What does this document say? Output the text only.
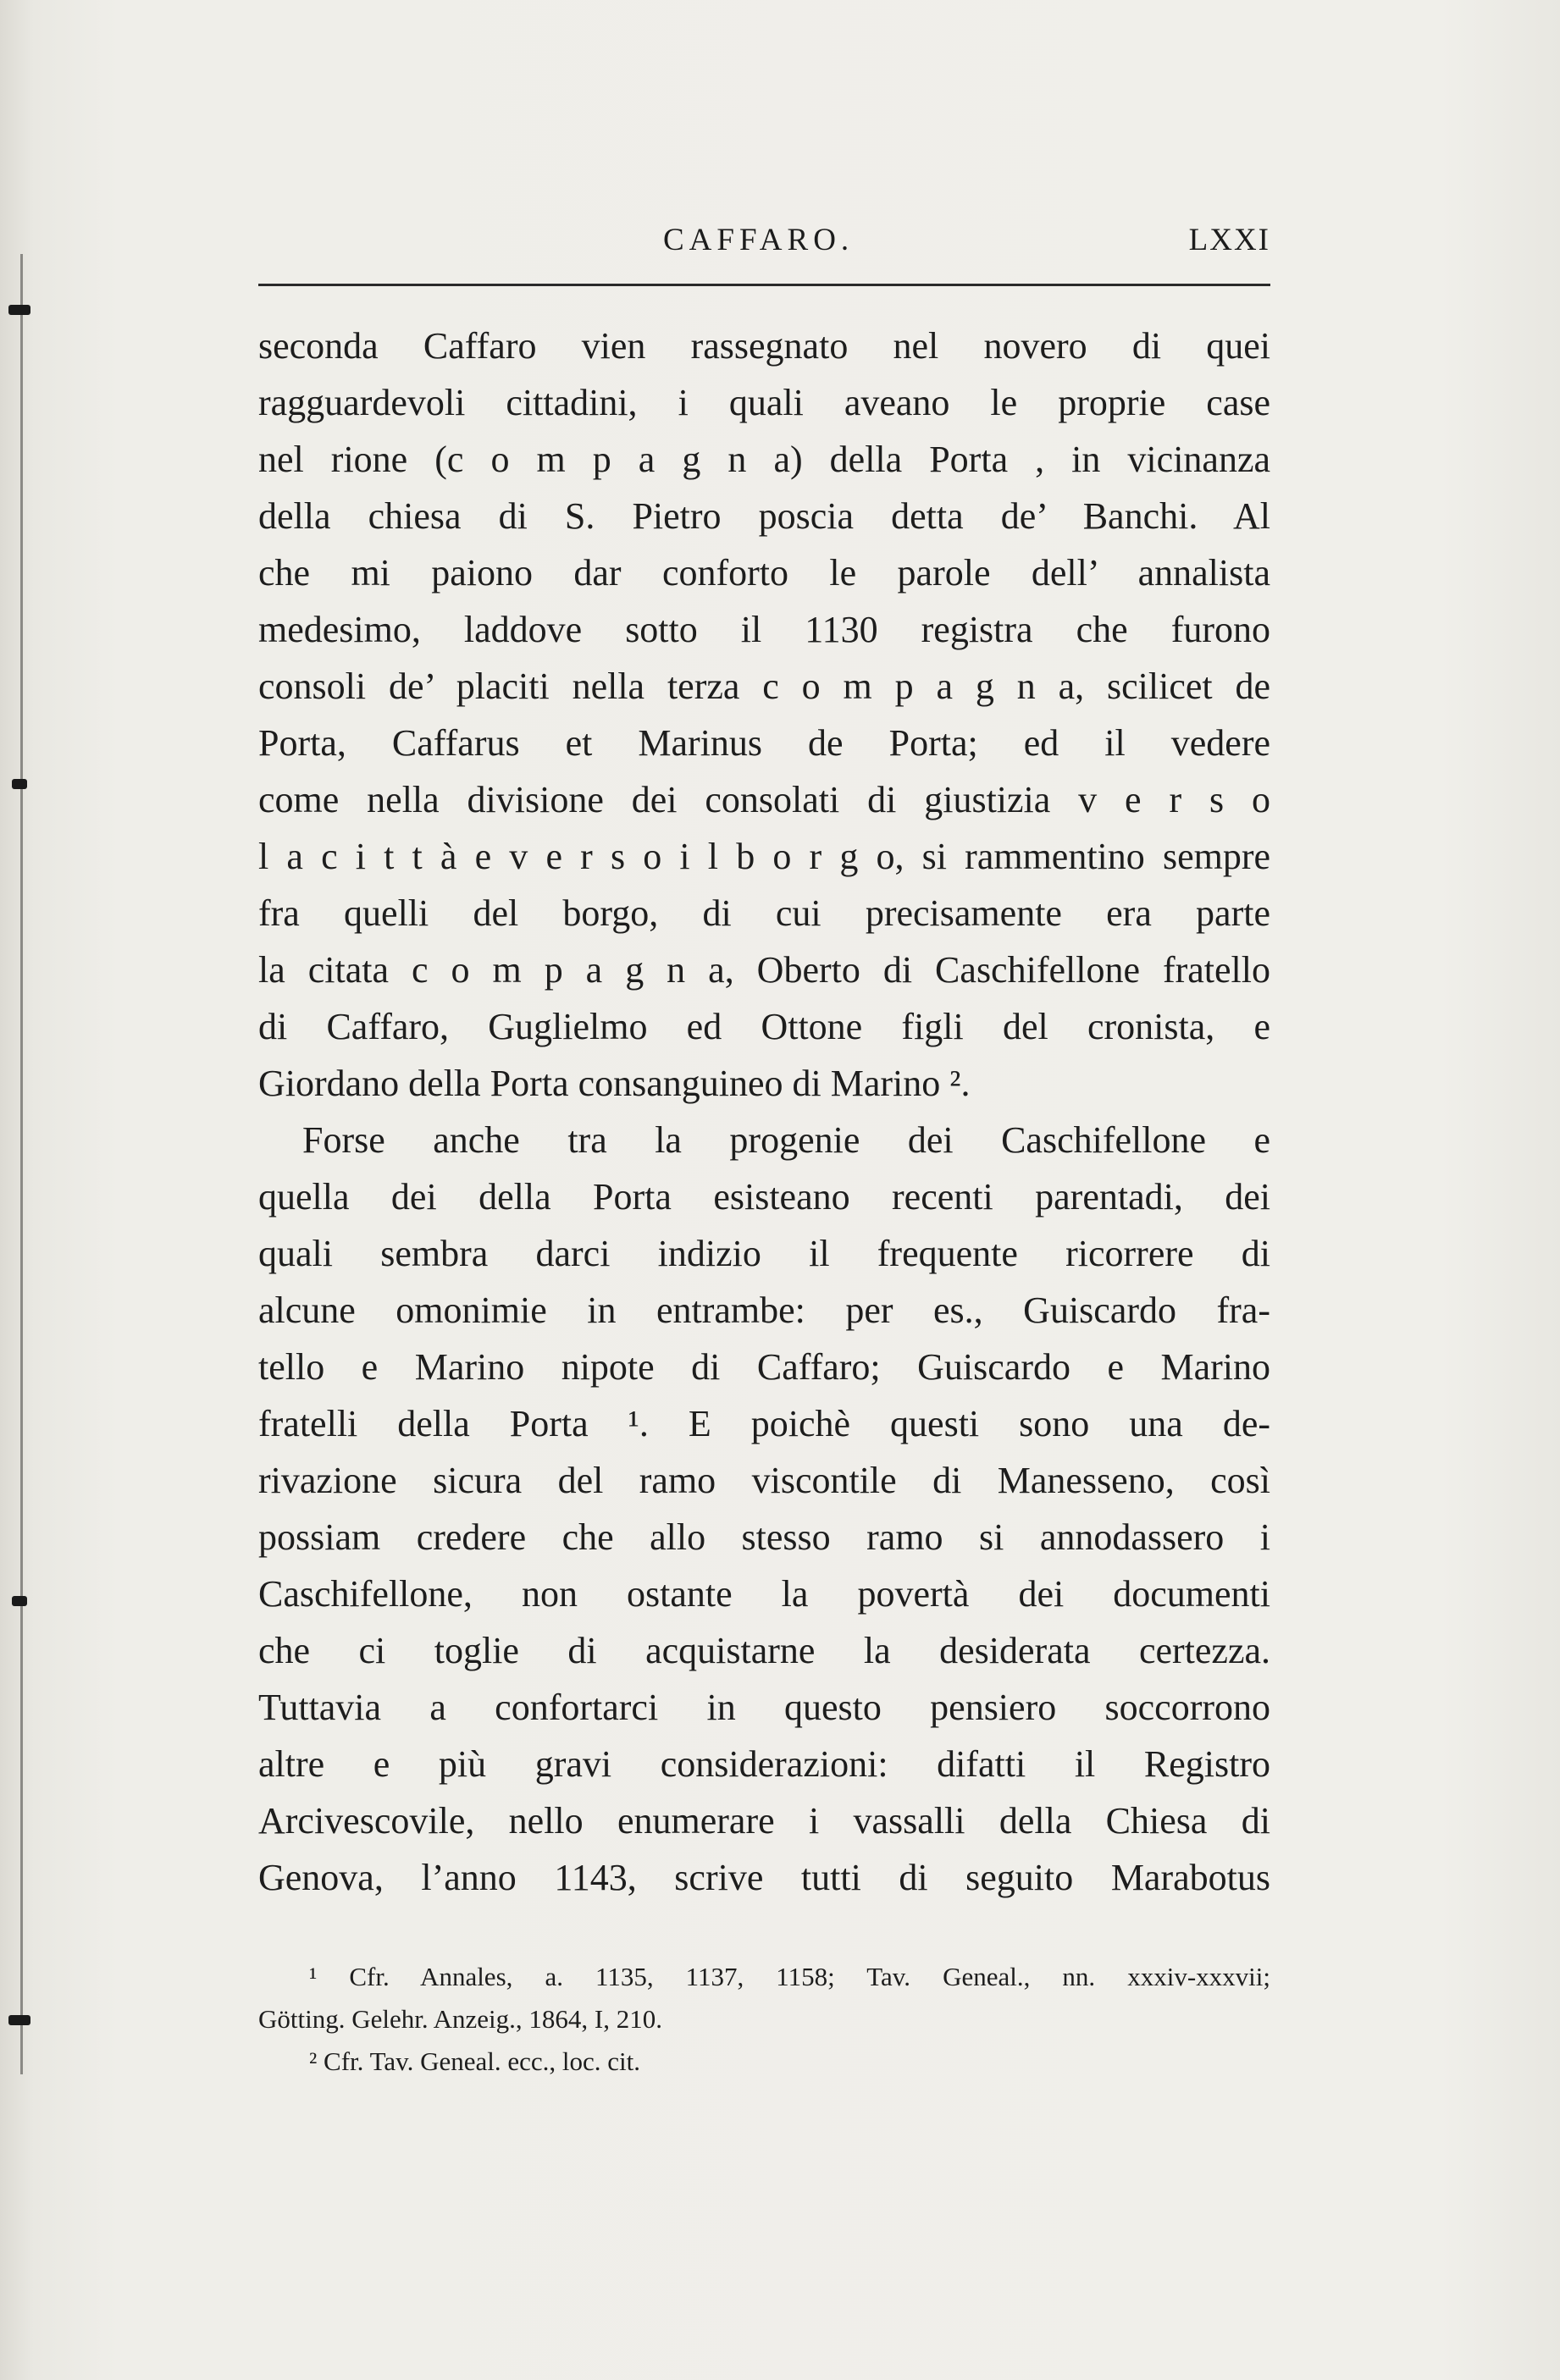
CAFFARO.	LXXI
seconda Caffaro vien rassegnato nel novero di quei
ragguardevoli cittadini, i quali aveano le proprie case
nel rione (c o m p a g n a) della Porta , in vicinanza
della chiesa di S. Pietro poscia detta de’ Banchi. Al
che mi paiono dar conforto le parole dell’ annalista
medesimo, laddove sotto il 1130 registra che furono
consoli de’ placiti nella terza c o m p a g n a, scilicet de
Porta, Caffarus et Marinus de Porta; ed il vedere
come nella divisione dei consolati di giustizia v e r s o
l a c i t t à e v e r s o i l b o r g o, si rammentino sempre
fra quelli del borgo, di cui precisamente era parte
la citata c o m p a g n a, Oberto di Caschifellone fratello
di Caffaro, Guglielmo ed Ottone figli del cronista, e
Giordano della Porta consanguineo di Marino ².
Forse anche tra la progenie dei Caschifellone e
quella dei della Porta esisteano recenti parentadi, dei
quali sembra darci indizio il frequente ricorrere di
alcune omonimie in entrambe: per es., Guiscardo fra-
tello e Marino nipote di Caffaro; Guiscardo e Marino
fratelli della Porta ¹. E poichè questi sono una de-
rivazione sicura del ramo viscontile di Manesseno, così
possiam credere che allo stesso ramo si annodassero i
Caschifellone, non ostante la povertà dei documenti
che ci toglie di acquistarne la desiderata certezza.
Tuttavia a confortarci in questo pensiero soccorrono
altre e più gravi considerazioni: difatti il Registro
Arcivescovile, nello enumerare i vassalli della Chiesa di
Genova, l’anno 1143, scrive tutti di seguito Marabotus
¹ Cfr. Annales, a. 1135, 1137, 1158; Tav. Geneal., nn. xxxiv-xxxvii;
Götting. Gelehr. Anzeig., 1864, I, 210.
² Cfr. Tav. Geneal. ecc., loc. cit.
